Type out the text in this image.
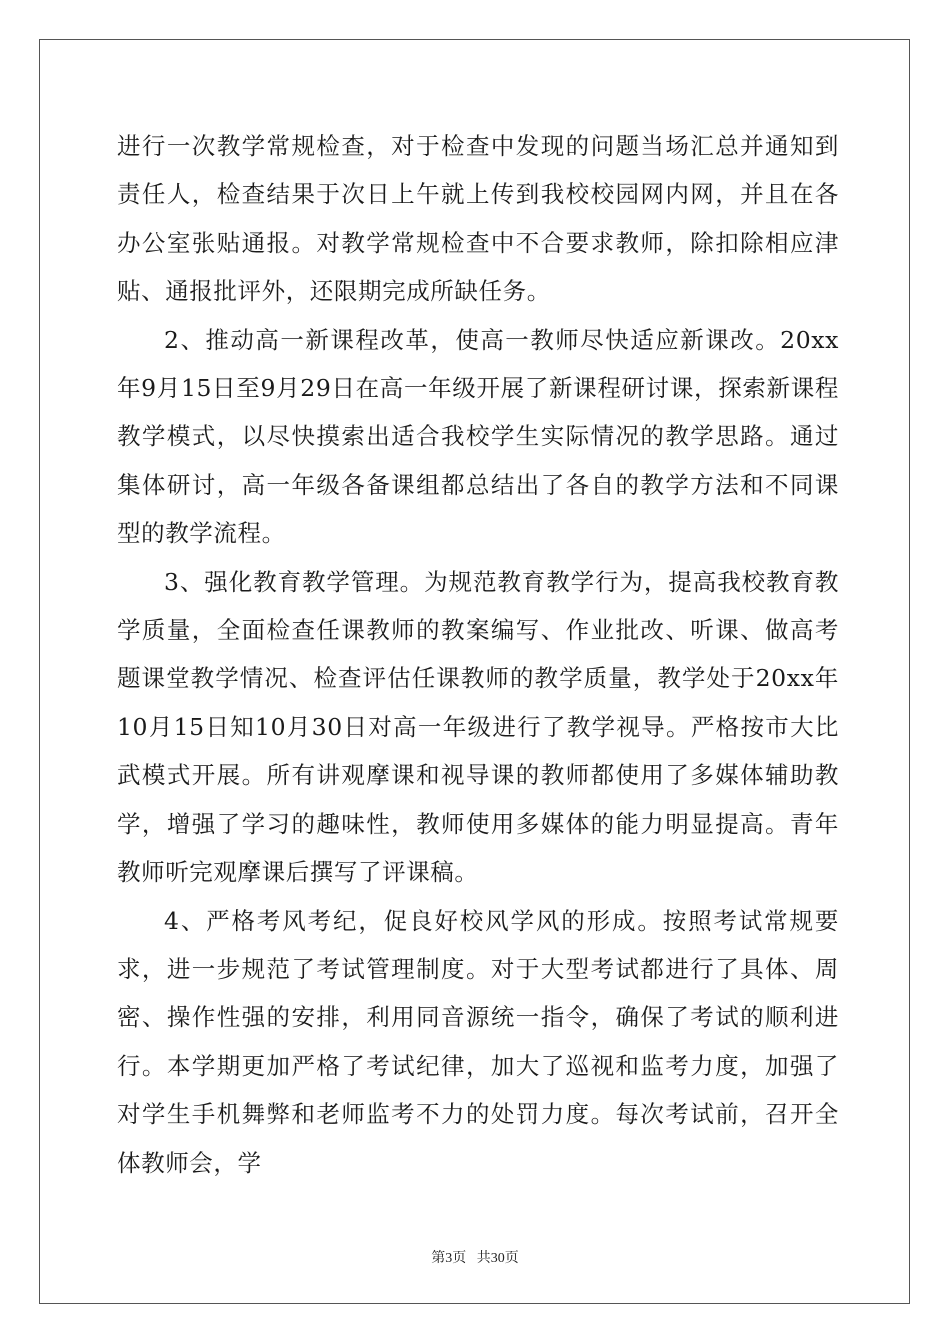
进行一次教学常规检查，对于检查中发现的问题当场汇总并通知到责任人，检查结果于次日上午就上传到我校校园网内网，并且在各办公室张贴通报。对教学常规检查中不合要求教师，除扣除相应津贴、通报批评外，还限期完成所缺任务。

2、推动高一新课程改革，使高一教师尽快适应新课改。20xx年9月15日至9月29日在高一年级开展了新课程研讨课，探索新课程教学模式，以尽快摸索出适合我校学生实际情况的教学思路。通过集体研讨，高一年级各备课组都总结出了各自的教学方法和不同课型的教学流程。

3、强化教育教学管理。为规范教育教学行为，提高我校教育教学质量，全面检查任课教师的教案编写、作业批改、听课、做高考题课堂教学情况、检查评估任课教师的教学质量，教学处于20xx年10月15日知10月30日对高一年级进行了教学视导。严格按市大比武模式开展。所有讲观摩课和视导课的教师都使用了多媒体辅助教学，增强了学习的趣味性，教师使用多媒体的能力明显提高。青年教师听完观摩课后撰写了评课稿。

4、严格考风考纪，促良好校风学风的形成。按照考试常规要求，进一步规范了考试管理制度。对于大型考试都进行了具体、周密、操作性强的安排，利用同音源统一指令，确保了考试的顺利进行。本学期更加严格了考试纪律，加大了巡视和监考力度，加强了对学生手机舞弊和老师监考不力的处罚力度。每次考试前，召开全体教师会，学

第3页   共30页
